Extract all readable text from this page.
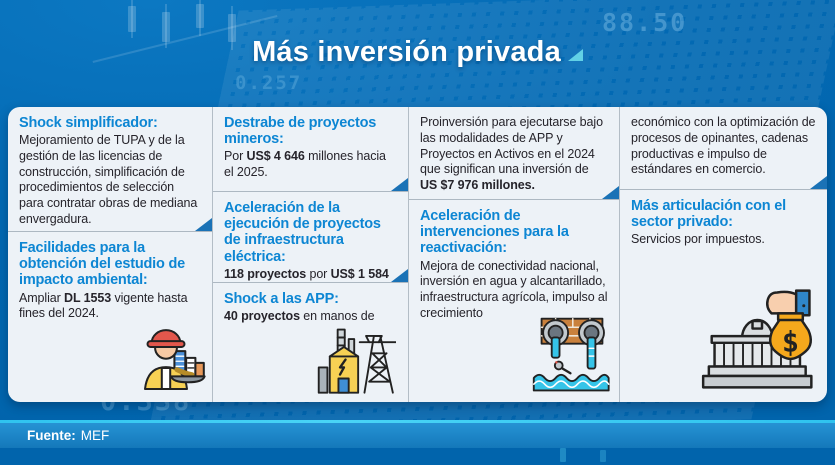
88.50
0.257
Más inversión privada
Shock simplificador:
Mejoramiento de TUPA y de la gestión de las licencias de construcción, simplificación de procedimientos de selección para contratar obras de mediana envergadura.
Facilidades para la obtención del estudio de impacto ambiental:
Ampliar DL 1553 vigente hasta fines del 2024.
Destrabe de proyectos mineros:
Por US$ 4 646 millones hacia el 2025.
Aceleración de la ejecución de proyectos de infraestructura eléctrica:
118 proyectos por US$ 1 584
Shock a las APP:
40 proyectos en manos de
Proinversión para ejecutarse bajo las modalidades de APP y Proyectos en Activos en el 2024 que significan una inversión de US $7 976 millones.
Aceleración de intervenciones para la reactivación:
Mejora de conectividad nacional, inversión en agua y alcantarillado, infraestructura agrícola, impulso al crecimiento
económico con la optimización de procesos de opinantes, cadenas productivas e impulso de estándares en comercio.
Más articulación con el sector privado:
Servicios por impuestos.
$
Fuente: MEF
